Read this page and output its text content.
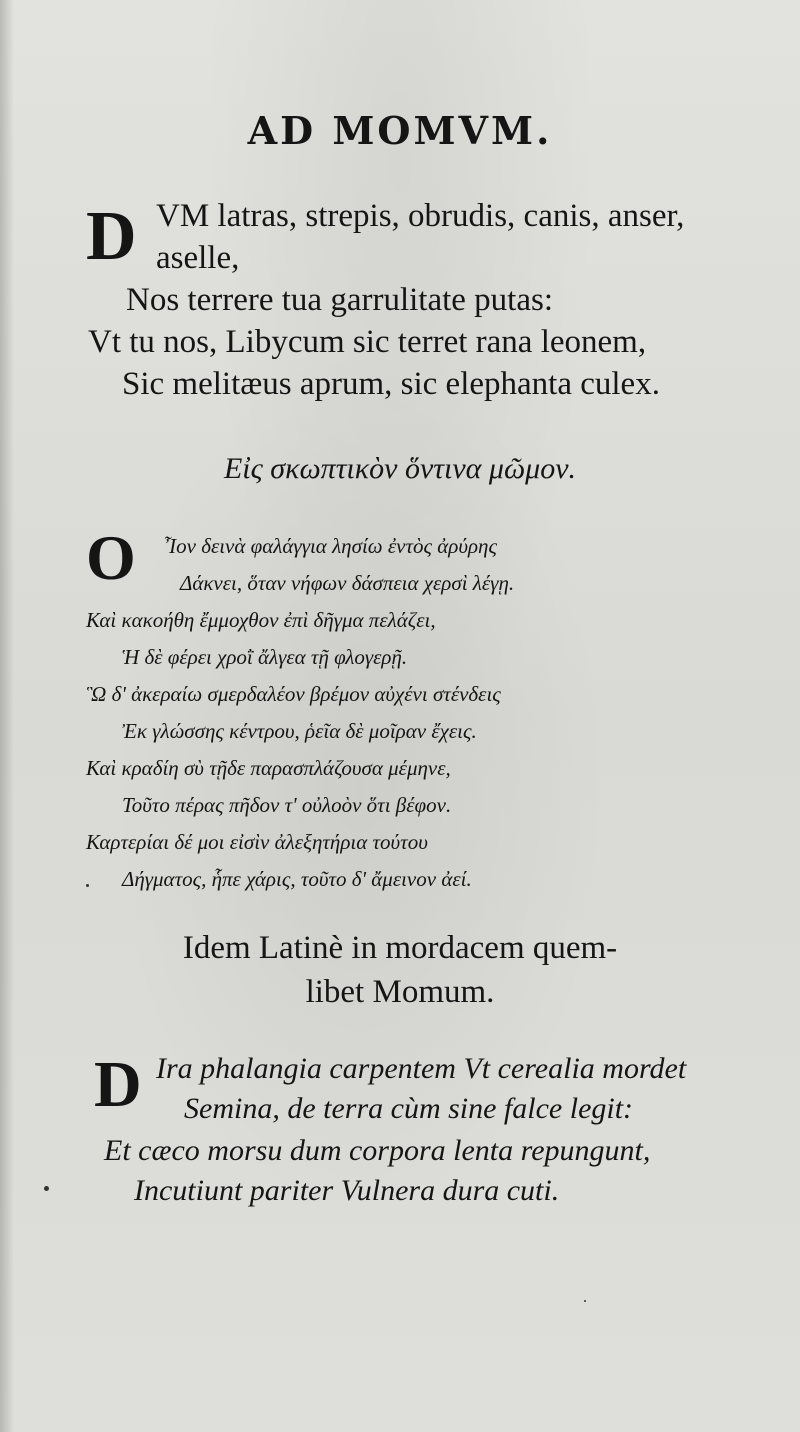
AD MOMVM.
D VM latras, strepis, obrudis, canis, anser,
aselle,
Nos terrere tua garrulitate putas:
Vt tu nos, Libycum sic terret rana leonem,
Sic melitæus aprum, sic elephanta culex.
Εἰς σκωπτικὸν ὅντινα μῶμον.
Ο Ἶον δεινὰ φαλάγγια λησίω ἐντὸς ἀρύρης
Δάκνει, ὅταν νήφων δάσπεια χερσὶ λέγῃ.
Καὶ κακοήθη ἔμμοχθον ἐπὶ δῆγμα πελάζει,
Ἡ δὲ φέρει χροῒ ἄλγεα τῇ φλογερῇ.
Ὣ δ' ἀκεραίω σμερδαλέον βρέμον αὐχένι στένδεις
Ἐκ γλώσσης κέντρου, ῥεῖα δὲ μοῖραν ἔχεις.
Καὶ κραδίη σὺ τῇδε παρασπλάζουσα μέμηνε,
Τοῦτο πέρας πῆδον τ' οὐλοὸν ὅτι βέφον.
Καρτερίαι δέ μοι εἰσὶν ἀλεξητήρια τούτου
Δήγματος, ἧπε χάρις, τοῦτο δ' ἄμεινον ἀεί.
Idem Latinè in mordacem quem-
libet Momum.
D Ira phalangia carpentem Vt cerealia mordet
Semina, de terra cùm sine falce legit:
Et cæco morsu dum corpora lenta repungunt,
Incutiunt pariter Vulnera dura cuti.
